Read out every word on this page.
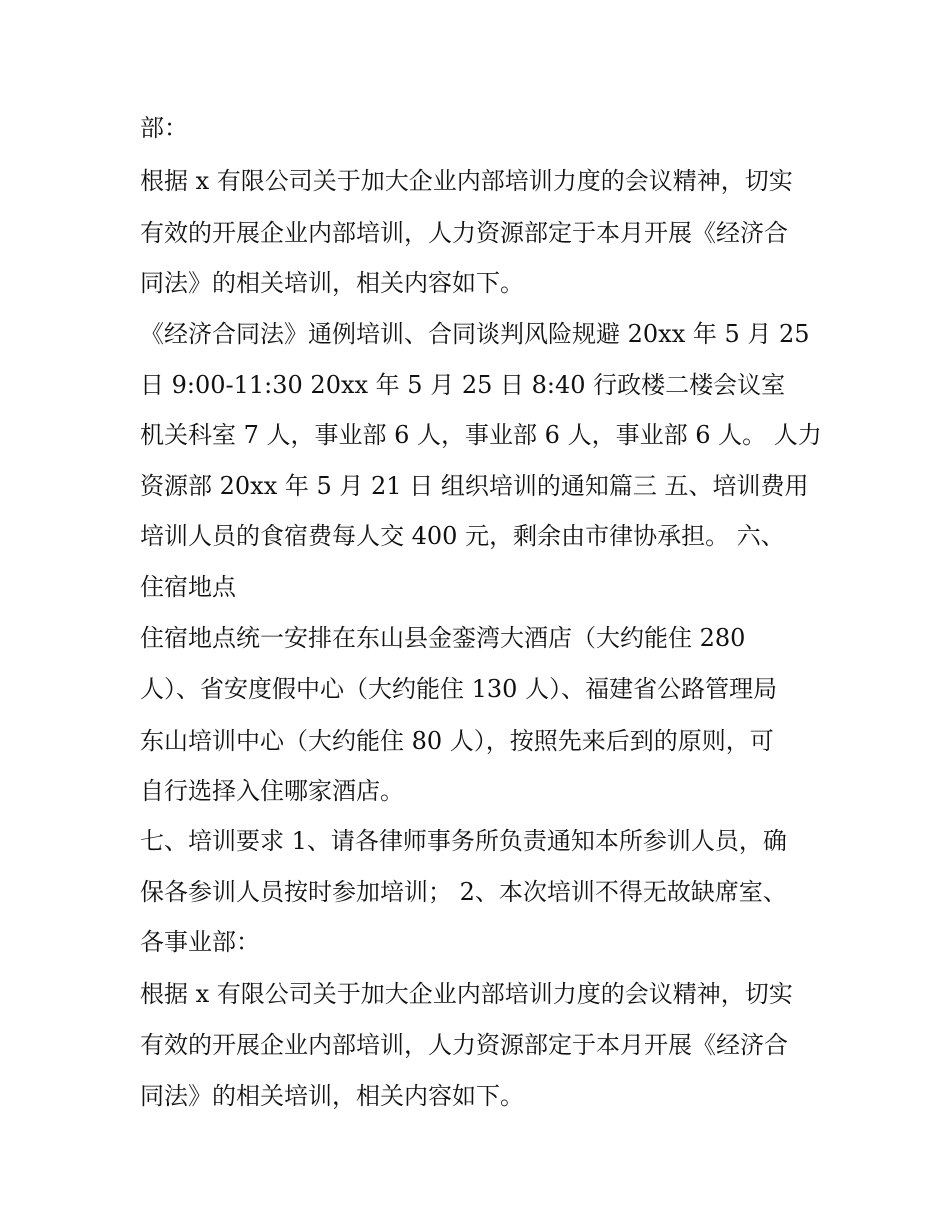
部：
根据 x 有限公司关于加大企业内部培训力度的会议精神，切实
有效的开展企业内部培训，人力资源部定于本月开展《经济合
同法》的相关培训，相关内容如下。
《经济合同法》通例培训、合同谈判风险规避 20xx 年 5 月 25
日 9:00-11:30 20xx 年 5 月 25 日 8:40 行政楼二楼会议室
机关科室 7 人，事业部 6 人，事业部 6 人，事业部 6 人。 人力
资源部 20xx 年 5 月 21 日 组织培训的通知篇三 五、培训费用
培训人员的食宿费每人交 400 元，剩余由市律协承担。 六、
住宿地点
住宿地点统一安排在东山县金銮湾大酒店（大约能住 280
人）、省安度假中心（大约能住 130 人）、福建省公路管理局
东山培训中心（大约能住 80 人），按照先来后到的原则，可
自行选择入住哪家酒店。
七、培训要求 1、请各律师事务所负责通知本所参训人员，确
保各参训人员按时参加培训； 2、本次培训不得无故缺席室、
各事业部：
根据 x 有限公司关于加大企业内部培训力度的会议精神，切实
有效的开展企业内部培训，人力资源部定于本月开展《经济合
同法》的相关培训，相关内容如下。
